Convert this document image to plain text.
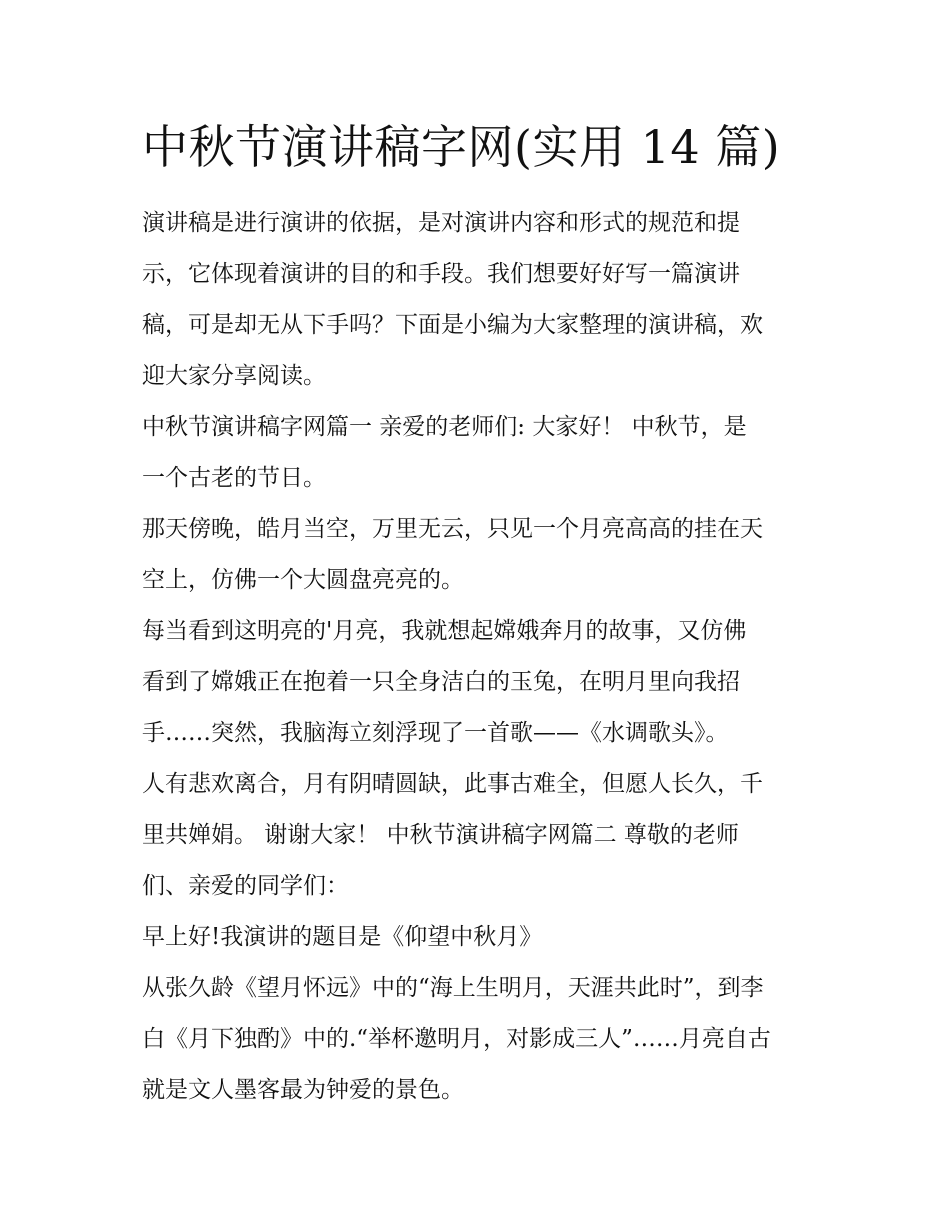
中秋节演讲稿字网(实用 14 篇)

演讲稿是进行演讲的依据，是对演讲内容和形式的规范和提
示，它体现着演讲的目的和手段。我们想要好好写一篇演讲
稿，可是却无从下手吗？下面是小编为大家整理的演讲稿，欢
迎大家分享阅读。

中秋节演讲稿字网篇一 亲爱的老师们: 大家好！ 中秋节，是
一个古老的节日。

那天傍晚，皓月当空，万里无云，只见一个月亮高高的挂在天
空上，仿佛一个大圆盘亮亮的。

每当看到这明亮的'月亮，我就想起嫦娥奔月的故事，又仿佛
看到了嫦娥正在抱着一只全身洁白的玉兔，在明月里向我招
手……突然，我脑海立刻浮现了一首歌——《水调歌头》。

人有悲欢离合，月有阴晴圆缺，此事古难全，但愿人长久，千
里共婵娟。 谢谢大家！ 中秋节演讲稿字网篇二 尊敬的老师
们、亲爱的同学们：

早上好!我演讲的题目是《仰望中秋月》

从张久龄《望月怀远》中的“海上生明月，天涯共此时”，到李
白《月下独酌》中的.“举杯邀明月，对影成三人”……月亮自古
就是文人墨客最为钟爱的景色。
